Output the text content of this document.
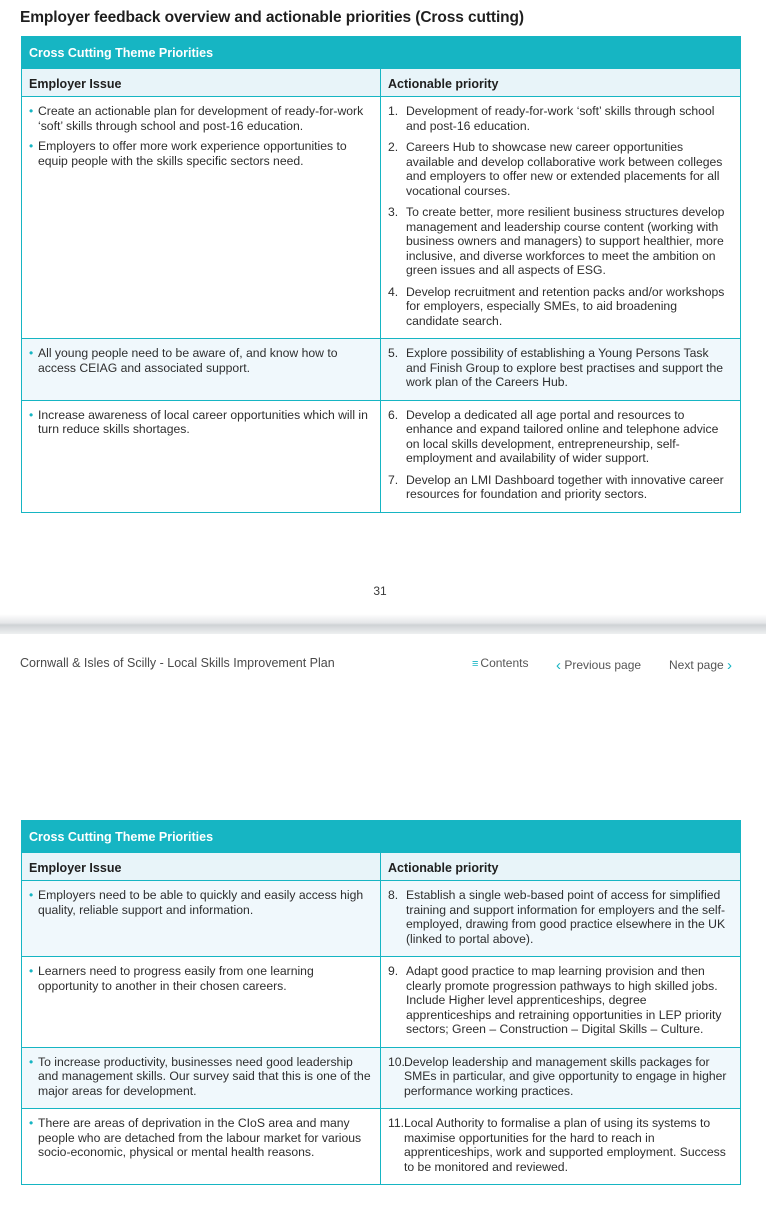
Employer feedback overview and actionable priorities (Cross cutting)
Cross Cutting Theme Priorities
Employer Issue	Actionable priority
• Create an actionable plan for development of ready-for-work ‘soft’ skills through school and post-16 education.
• Employers to offer more work experience opportunities to equip people with the skills specific sectors need.
1. Development of ready-for-work ‘soft’ skills through school and post-16 education.
2. Careers Hub to showcase new career opportunities available and develop collaborative work between colleges and employers to offer new or extended placements for all vocational courses.
3. To create better, more resilient business structures develop management and leadership course content (working with business owners and managers) to support healthier, more inclusive, and diverse workforces to meet the ambition on green issues and all aspects of ESG.
4. Develop recruitment and retention packs and/or workshops for employers, especially SMEs, to aid broadening candidate search.
• All young people need to be aware of, and know how to access CEIAG and associated support.
5. Explore possibility of establishing a Young Persons Task and Finish Group to explore best practises and support the work plan of the Careers Hub.
• Increase awareness of local career opportunities which will in turn reduce skills shortages.
6. Develop a dedicated all age portal and resources to enhance and expand tailored online and telephone advice on local skills development, entrepreneurship, self-employment and availability of wider support.
7. Develop an LMI Dashboard together with innovative career resources for foundation and priority sectors.
31
Cornwall & Isles of Scilly - Local Skills Improvement Plan	≡ Contents ‹ Previous page Next page ›
Cross Cutting Theme Priorities
Employer Issue	Actionable priority
• Employers need to be able to quickly and easily access high quality, reliable support and information.
8. Establish a single web-based point of access for simplified training and support information for employers and the self-employed, drawing from good practice elsewhere in the UK (linked to portal above).
• Learners need to progress easily from one learning opportunity to another in their chosen careers.
9. Adapt good practice to map learning provision and then clearly promote progression pathways to high skilled jobs. Include Higher level apprenticeships, degree apprenticeships and retraining opportunities in LEP priority sectors; Green – Construction – Digital Skills – Culture.
• To increase productivity, businesses need good leadership and management skills. Our survey said that this is one of the major areas for development.
10. Develop leadership and management skills packages for SMEs in particular, and give opportunity to engage in higher performance working practices.
• There are areas of deprivation in the CIoS area and many people who are detached from the labour market for various socio-economic, physical or mental health reasons.
11. Local Authority to formalise a plan of using its systems to maximise opportunities for the hard to reach in apprenticeships, work and supported employment. Success to be monitored and reviewed.
